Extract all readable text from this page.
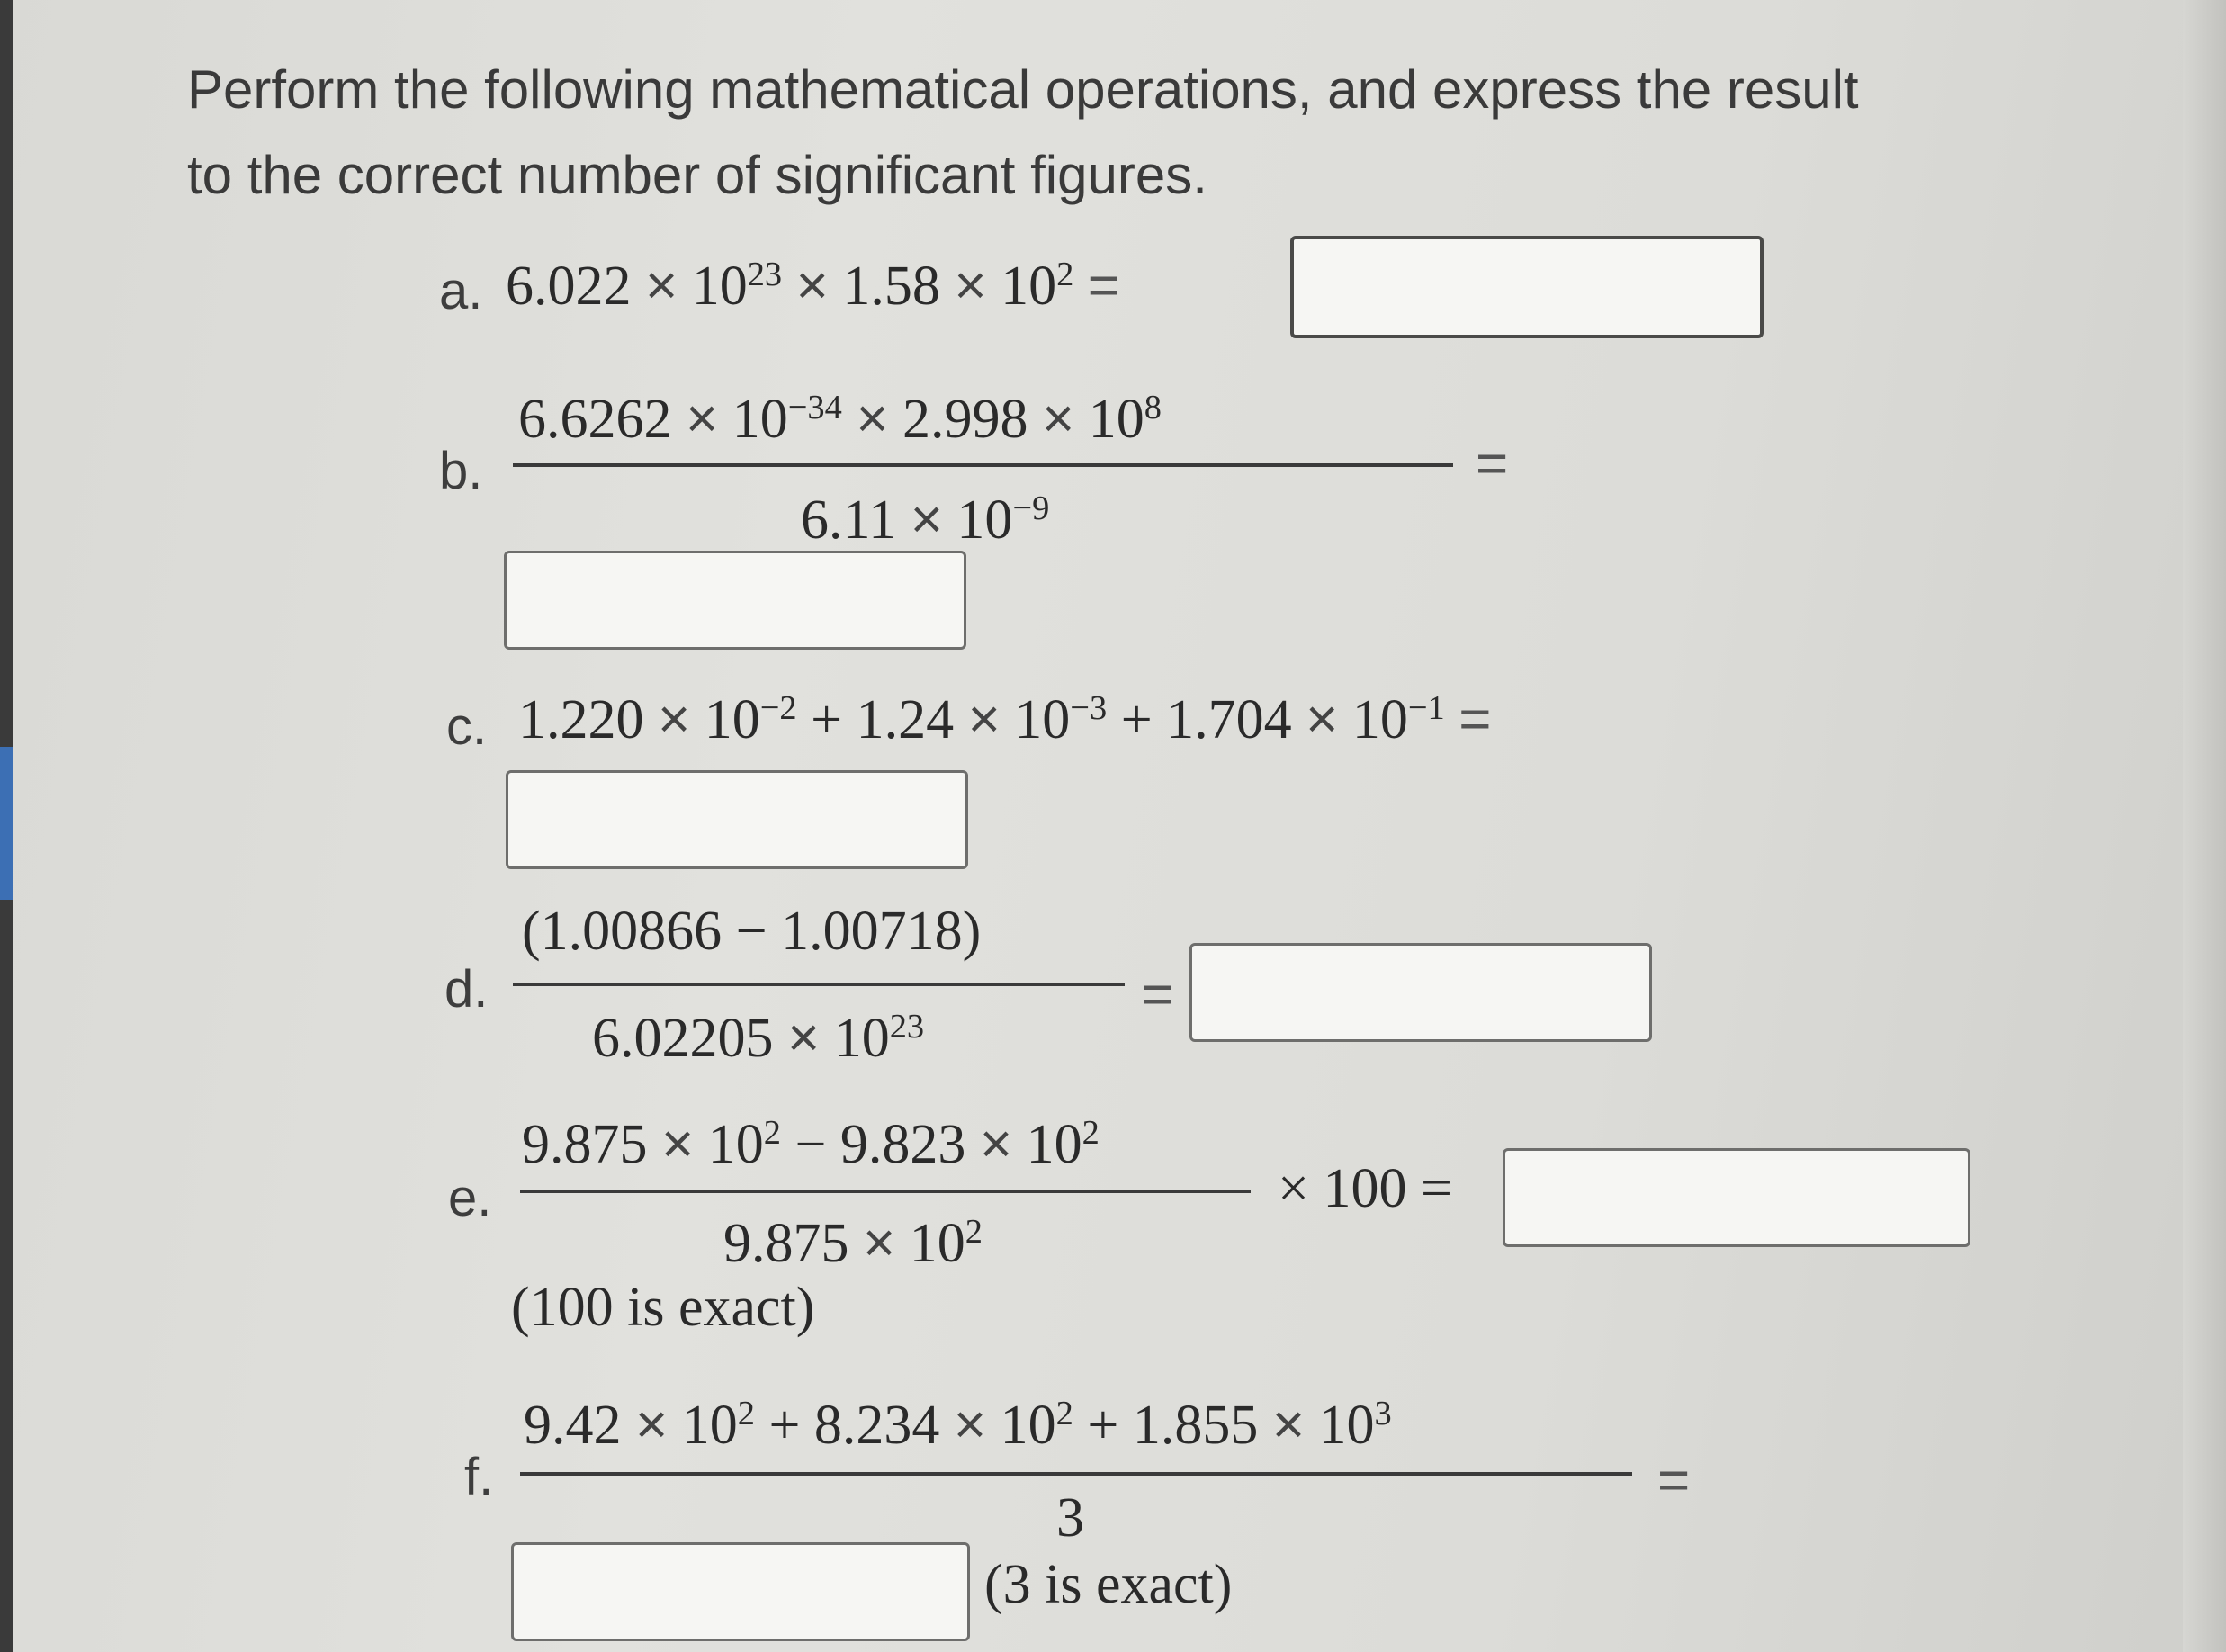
Perform the following mathematical operations, and express the result
to the correct number of significant figures.
a. $6.022 \times 10^{23} \times 1.58 \times 10^2$ =
b.
$6.6262 \times 10^{-34} \times 2.998 \times 10^8$
$6.11 \times 10^{-9}$
=
c. $1.220 \times 10^{-2} + 1.24 \times 10^{-3} + 1.704 \times 10^{-1}$ =
d.
(1.00866 − 1.00718)
$6.02205 \times 10^{23}$
=
e.
$9.875 \times 10^2 - 9.823 \times 10^2$
$9.875 \times 10^2$
× 100 =
(100 is exact)
f.
$9.42 \times 10^2 + 8.234 \times 10^2 + 1.855 \times 10^3$
3
=
(3 is exact)
